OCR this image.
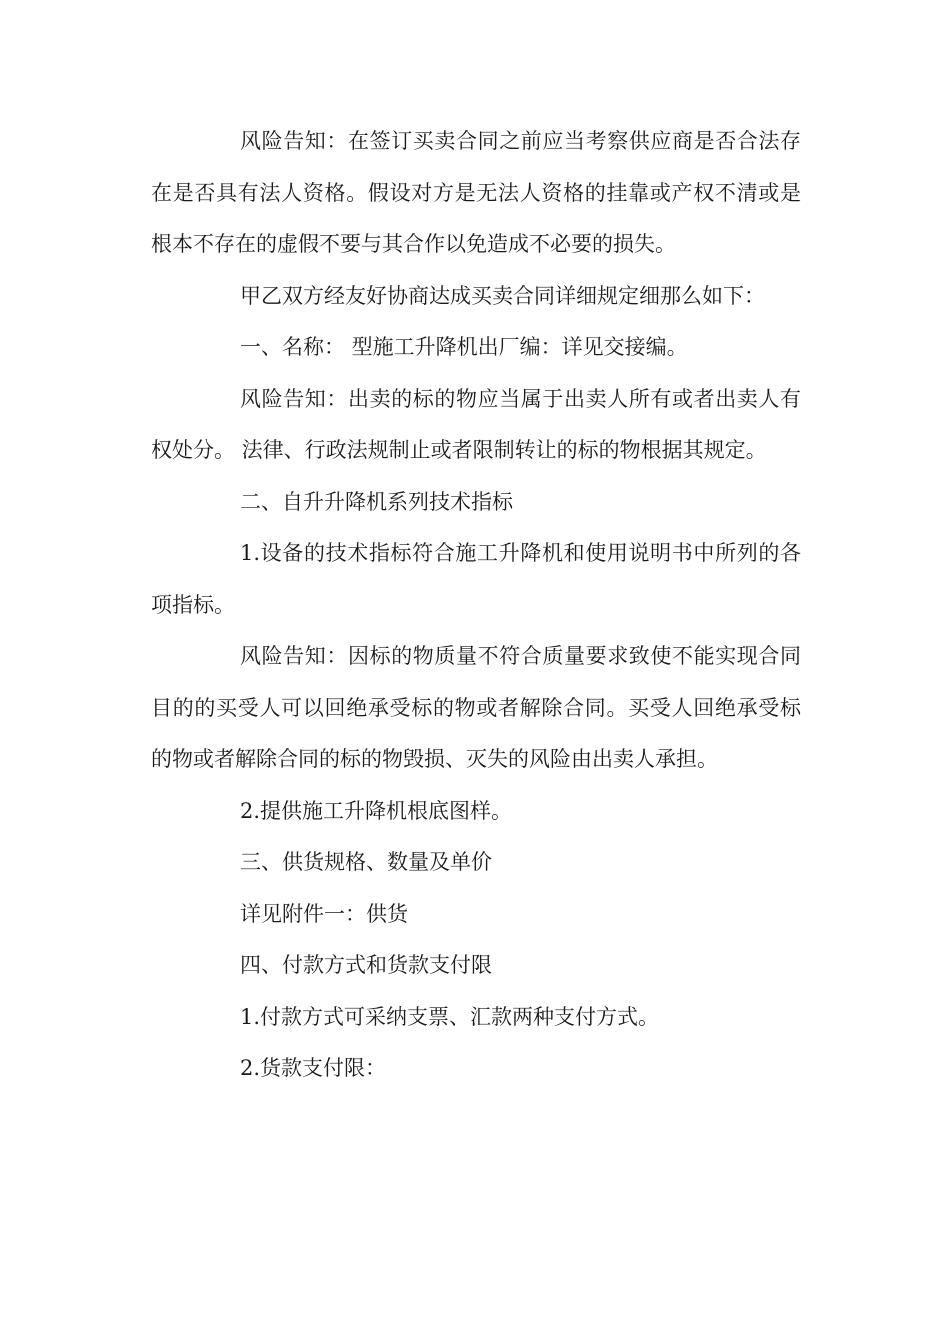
风险告知：在签订买卖合同之前应当考察供应商是否合法存在是否具有法人资格。假设对方是无法人资格的挂靠或产权不清或是根本不存在的虚假不要与其合作以免造成不必要的损失。

甲乙双方经友好协商达成买卖合同详细规定细那么如下：

一、名称： 型施工升降机出厂编：详见交接编。

风险告知：出卖的标的物应当属于出卖人所有或者出卖人有权处分。 法律、行政法规制止或者限制转让的标的物根据其规定。

二、自升升降机系列技术指标

1.设备的技术指标符合施工升降机和使用说明书中所列的各项指标。

风险告知：因标的物质量不符合质量要求致使不能实现合同目的的买受人可以回绝承受标的物或者解除合同。买受人回绝承受标的物或者解除合同的标的物毁损、灭失的风险由出卖人承担。

2.提供施工升降机根底图样。

三、供货规格、数量及单价

详见附件一：供货

四、付款方式和货款支付限

1.付款方式可采纳支票、汇款两种支付方式。

2.货款支付限：
